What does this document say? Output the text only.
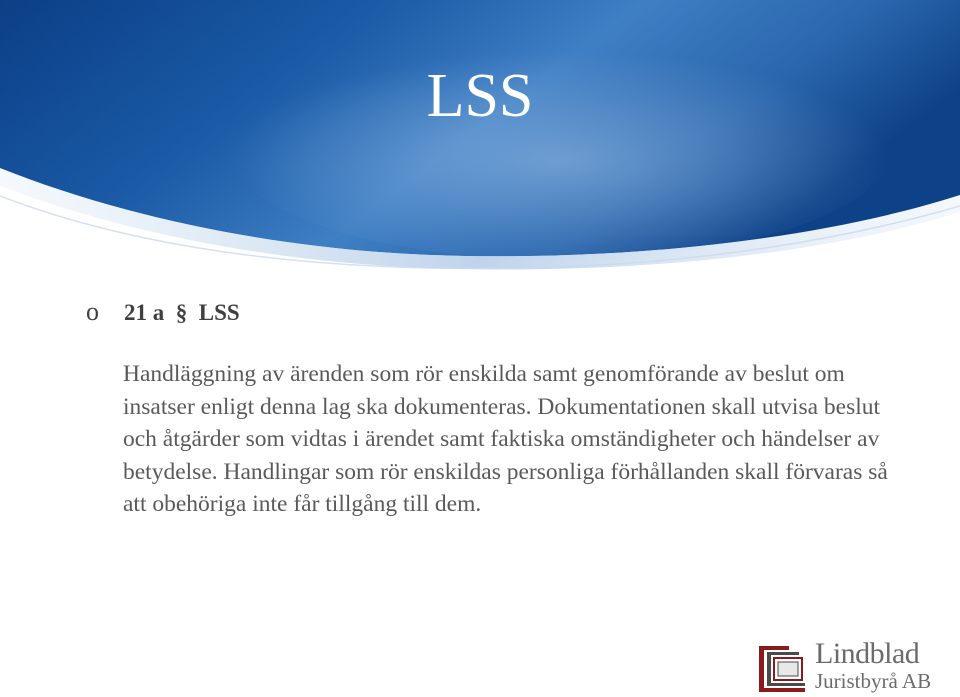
LSS
o	21 a  §  LSS

Handläggning av ärenden som rör enskilda samt genomförande av beslut om insatser enligt denna lag ska dokumenteras. Dokumentationen skall utvisa beslut och åtgärder som vidtas i ärendet samt faktiska omständigheter och händelser av betydelse. Handlingar som rör enskildas personliga förhållanden skall förvaras så att obehöriga inte får tillgång till dem.

Lindblad
Juristbyrå AB
